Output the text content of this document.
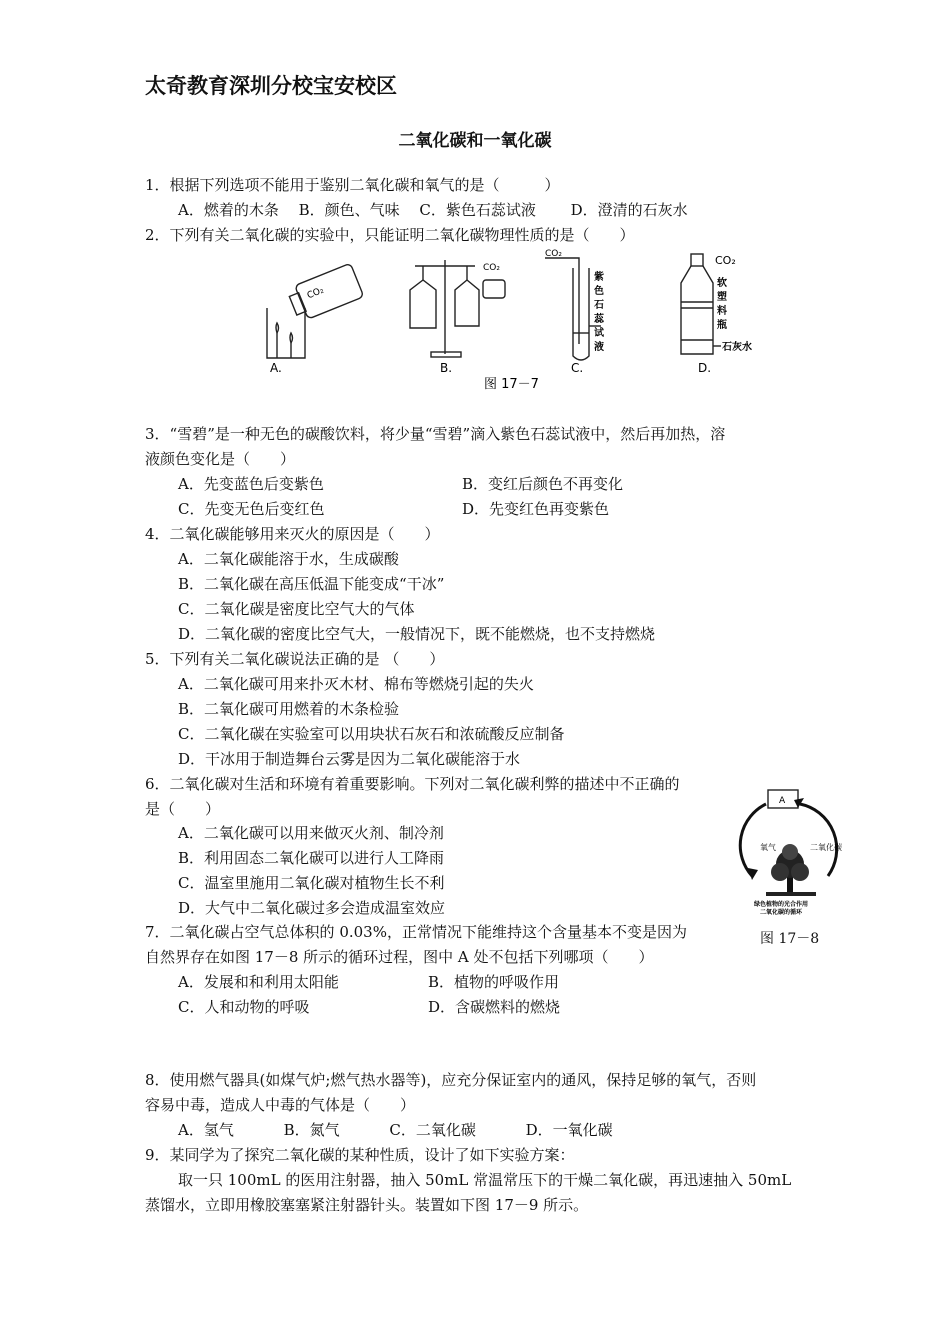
太奇教育深圳分校宝安校区
二氧化碳和一氧化碳
1．根据下列选项不能用于鉴别二氧化碳和氧气的是（　　　）
A．燃着的木条　 B．颜色、气味　 C．紫色石蕊试液　　 D．澄清的石灰水
2．下列有关二氧化碳的实验中，只能证明二氧化碳物理性质的是（　　）
CO₂
CO₂
CO₂	CO₂
紫
色
石
蕊
试
液
软
塑
料
瓶
石灰水
A.	B.	C.	D.
图 17－7
3．“雪碧”是一种无色的碳酸饮料，将少量“雪碧”滴入紫色石蕊试液中，然后再加热，溶
液颜色变化是（　　）
A．先变蓝色后变紫色	B．变红后颜色不再变化
C．先变无色后变红色	D．先变红色再变紫色
4．二氧化碳能够用来灭火的原因是（　　）
A．二氧化碳能溶于水，生成碳酸
B．二氧化碳在高压低温下能变成“干冰”
C．二氧化碳是密度比空气大的气体
D．二氧化碳的密度比空气大，一般情况下，既不能燃烧，也不支持燃烧
5．下列有关二氧化碳说法正确的是 （　　）
A．二氧化碳可用来扑灭木材、棉布等燃烧引起的失火
B．二氧化碳可用燃着的木条检验
C．二氧化碳在实验室可以用块状石灰石和浓硫酸反应制备
D．干冰用于制造舞台云雾是因为二氧化碳能溶于水
6．二氧化碳对生活和环境有着重要影响。下列对二氧化碳利弊的描述中不正确的
是（　　）
A．二氧化碳可以用来做灭火剂、制冷剂
B．利用固态二氧化碳可以进行人工降雨
C．温室里施用二氧化碳对植物生长不利
D．大气中二氧化碳过多会造成温室效应
A
氧气	二氧化碳
绿色植物的光合作用
二氧化碳的循环
图 17－8
7．二氧化碳占空气总体积的 0.03%，正常情况下能维持这个含量基本不变是因为
自然界存在如图 17－8 所示的循环过程，图中 A 处不包括下列哪项（　　）
A．发展和和利用太阳能	B．植物的呼吸作用
C．人和动物的呼吸	D．含碳燃料的燃烧
8．使用燃气器具(如煤气炉;燃气热水器等)，应充分保证室内的通风，保持足够的氧气，否则
容易中毒，造成人中毒的气体是（　　）
A．氢气　　　 B．氮气　　　 C．二氧化碳　　　 D．一氧化碳
9．某同学为了探究二氧化碳的某种性质，设计了如下实验方案：
　取一只 100mL 的医用注射器，抽入 50mL 常温常压下的干燥二氧化碳，再迅速抽入 50mL
蒸馏水，立即用橡胶塞塞紧注射器针头。装置如下图 17－9 所示。
